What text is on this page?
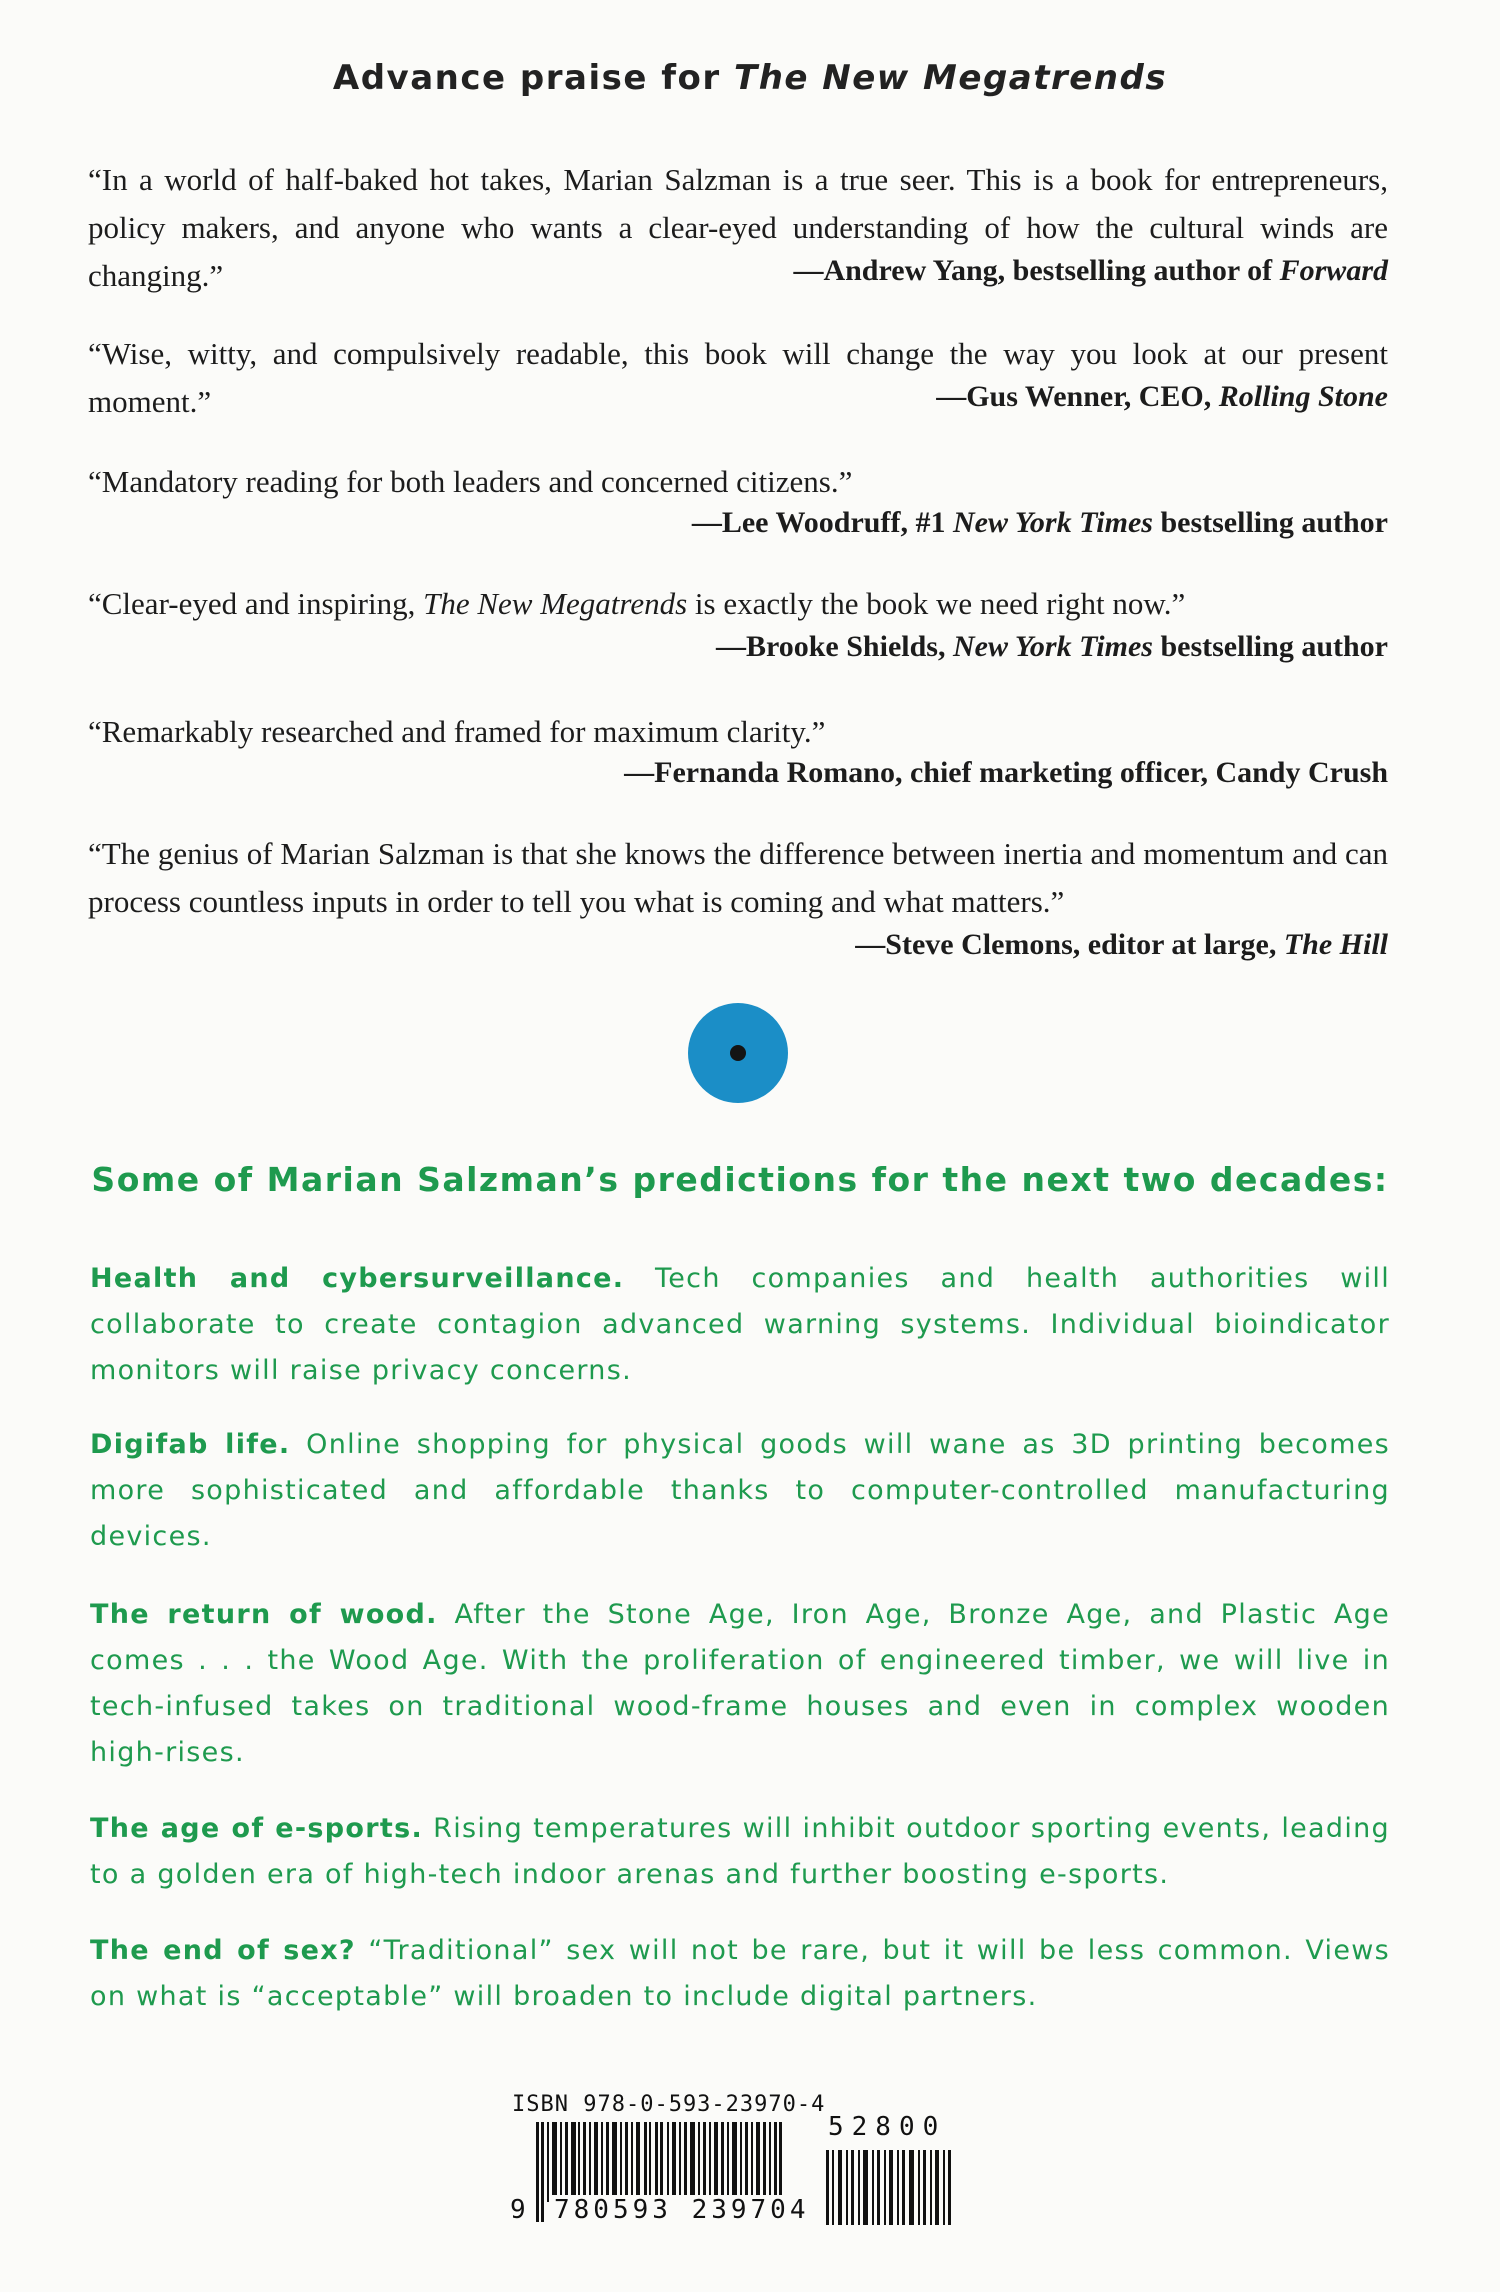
Advance praise for The New Megatrends

“In a world of half-baked hot takes, Marian Salzman is a true seer. This is a book for entrepreneurs, policy makers, and anyone who wants a clear-eyed understanding of how the cultural winds are changing.”	—Andrew Yang, bestselling author of Forward

“Wise, witty, and compulsively readable, this book will change the way you look at our present moment.”	—Gus Wenner, CEO, Rolling Stone

“Mandatory reading for both leaders and concerned citizens.”

—Lee Woodruff, #1 New York Times bestselling author

“Clear-eyed and inspiring, The New Megatrends is exactly the book we need right now.”

—Brooke Shields, New York Times bestselling author

“Remarkably researched and framed for maximum clarity.”

—Fernanda Romano, chief marketing officer, Candy Crush

“The genius of Marian Salzman is that she knows the difference between inertia and momentum and can process countless inputs in order to tell you what is coming and what matters.”

—Steve Clemons, editor at large, The Hill
Some of Marian Salzman’s predictions for the next two decades:

Health and cybersurveillance. Tech companies and health authorities will collaborate to create contagion advanced warning systems. Individual bioindicator monitors will raise privacy concerns.

Digifab life. Online shopping for physical goods will wane as 3D printing becomes more sophisticated and affordable thanks to computer-controlled manufacturing devices.

The return of wood. After the Stone Age, Iron Age, Bronze Age, and Plastic Age comes . . . the Wood Age. With the proliferation of engineered timber, we will live in tech-infused takes on traditional wood-frame houses and even in complex wooden high-rises.

The age of e-sports. Rising temperatures will inhibit outdoor sporting events, leading to a golden era of high-tech indoor arenas and further boosting e-sports.

The end of sex? “Traditional” sex will not be rare, but it will be less common. Views on what is “acceptable” will broaden to include digital partners.

ISBN 978-0-593-23970-4
52800
9 780593 239704
